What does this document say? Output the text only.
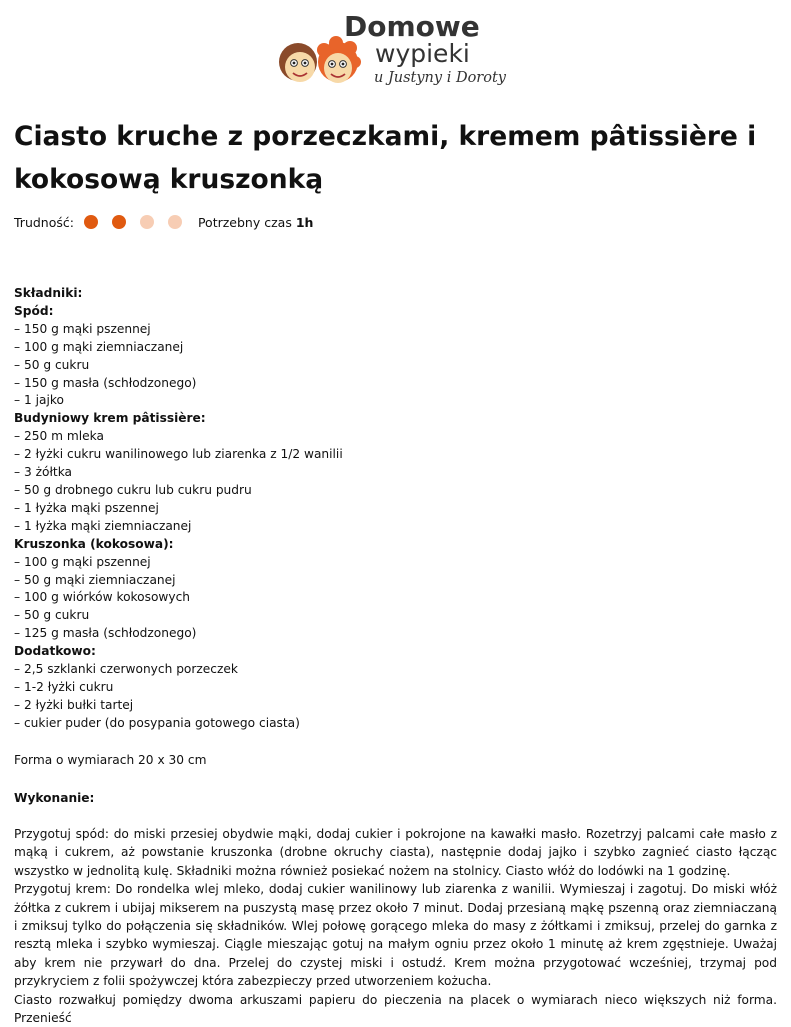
Domowe
wypieki
u Justyny i Doroty
Ciasto kruche z porzeczkami, kremem pâtissière i kokosową kruszonką
Trudność:	Potrzebny czas 1h
Składniki:
Spód:
– 150 g mąki pszennej
– 100 g mąki ziemniaczanej
– 50 g cukru
– 150 g masła (schłodzonego)
– 1 jajko
Budyniowy krem pâtissière:
– 250 m mleka
– 2 łyżki cukru wanilinowego lub ziarenka z 1/2 wanilii
– 3 żółtka
– 50 g drobnego cukru lub cukru pudru
– 1 łyżka mąki pszennej
– 1 łyżka mąki ziemniaczanej
Kruszonka (kokosowa):
– 100 g mąki pszennej
– 50 g mąki ziemniaczanej
– 100 g wiórków kokosowych
– 50 g cukru
– 125 g masła (schłodzonego)
Dodatkowo:
– 2,5 szklanki czerwonych porzeczek
– 1-2 łyżki cukru
– 2 łyżki bułki tartej
– cukier puder (do posypania gotowego ciasta)
Forma o wymiarach 20 x 30 cm
Wykonanie:

Przygotuj spód: do miski przesiej obydwie mąki, dodaj cukier i pokrojone na kawałki masło. Rozetrzyj palcami całe masło z mąką i cukrem, aż powstanie kruszonka (drobne okruchy ciasta), następnie dodaj jajko i szybko zagnieć ciasto łącząc wszystko w jednolitą kulę. Składniki można również posiekać nożem na stolnicy. Ciasto włóż do lodówki na 1 godzinę.

Przygotuj krem: Do rondelka wlej mleko, dodaj cukier wanilinowy lub ziarenka z wanilii. Wymieszaj i zagotuj. Do miski włóż żółtka z cukrem i ubijaj mikserem na puszystą masę przez około 7 minut. Dodaj przesianą mąkę pszenną oraz ziemniaczaną i zmiksuj tylko do połączenia się składników. Wlej połowę gorącego mleka do masy z żółtkami i zmiksuj, przelej do garnka z resztą mleka i szybko wymieszaj. Ciągle mieszając gotuj na małym ogniu przez około 1 minutę aż krem zgęstnieje. Uważaj aby krem nie przywarł do dna. Przelej do czystej miski i ostudź. Krem można przygotować wcześniej, trzymaj pod przykryciem z folii spożywczej która zabezpieczy przed utworzeniem kożucha.

Ciasto rozwałkuj pomiędzy dwoma arkuszami papieru do pieczenia na placek o wymiarach nieco większych niż forma. Przenieść
